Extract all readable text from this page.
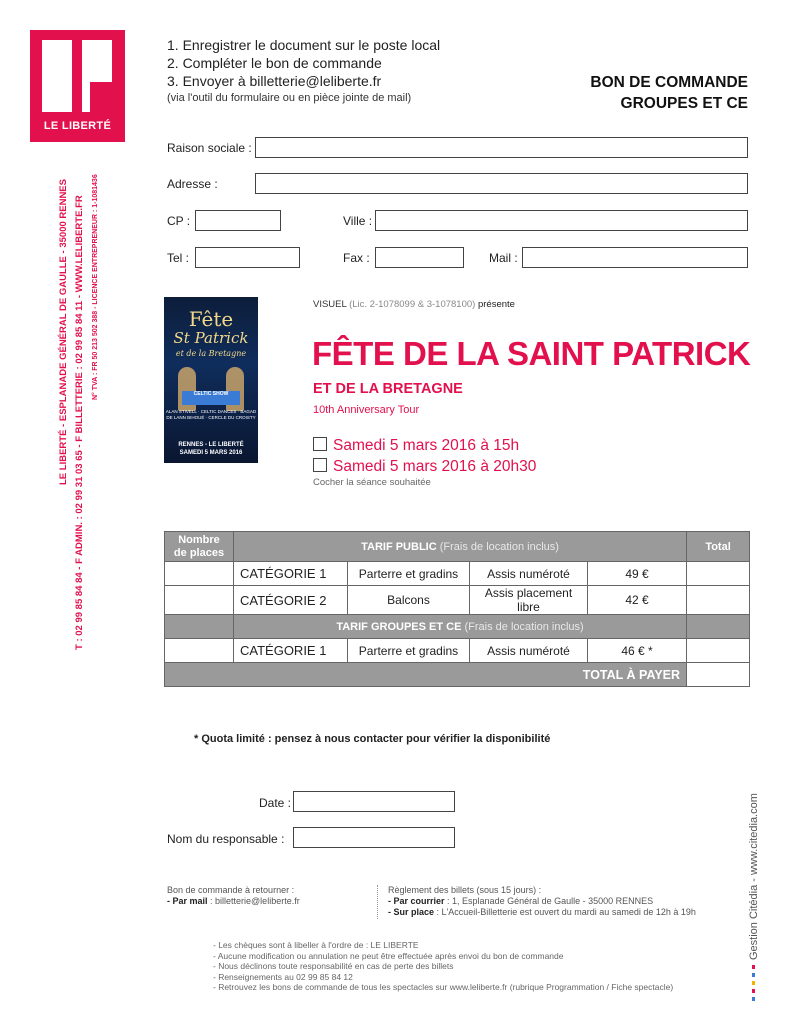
LE LIBERTÉ
LE LIBERTÉ - ESPLANADE GÉNÉRAL DE GAULLE - 35000 RENNES T : 02 99 85 84 84 - F ADMIN. : 02 99 31 03 65 - F BILLETTERIE : 02 99 85 84 11 - WWW.LELIBERTE.FR N° TVA : FR 50 213 502 388 - LICENCE ENTREPRENEUR : 1-1081436
1. Enregistrer le document sur le poste local
2. Compléter le bon de commande
3. Envoyer à billetterie@leliberte.fr
(via l'outil du formulaire ou en pièce jointe de mail)
BON DE COMMANDE
GROUPES ET CE
Raison sociale :
Adresse :
CP :	Ville :
Tel :	Fax :	Mail :
Fête
St Patrick
et de la Bretagne
CELTIC SHOW
ALAN STIVELL · CELTIC DANCES · BAGAD DE LANN BIHOUÉ · CERCLE DU CROISTY
RENNES - LE LIBERTÉ
SAMEDI 5 MARS 2016
VISUEL (Lic. 2-1078099 & 3-1078100) présente
FÊTE DE LA SAINT PATRICK
ET DE LA BRETAGNE
10th Anniversary Tour
Samedi 5 mars 2016 à 15h
Samedi 5 mars 2016 à 20h30
Cocher la séance souhaitée
Nombre de places	TARIF PUBLIC (Frais de location inclus)				Total
	CATÉGORIE 1	Parterre et gradins	Assis numéroté	49 €	
	CATÉGORIE 2	Balcons	Assis placement libre	42 €	
	TARIF GROUPES ET CE (Frais de location inclus)				
	CATÉGORIE 1	Parterre et gradins	Assis numéroté	46 € *	
TOTAL À PAYER					
* Quota limité : pensez à nous contacter pour vérifier la disponibilité
Date :
Nom du responsable :
Bon de commande à retourner :
- Par mail : billetterie@leliberte.fr
Règlement des billets (sous 15 jours) :
- Par courrier : 1, Esplanade Général de Gaulle - 35000 RENNES
- Sur place : L'Accueil-Billetterie est ouvert du mardi au samedi de 12h à 19h
- Les chèques sont à libeller à l'ordre de : LE LIBERTE
- Aucune modification ou annulation ne peut être effectuée après envoi du bon de commande
- Nous déclinons toute responsabilité en cas de perte des billets
- Renseignements au 02 99 85 84 12
- Retrouvez les bons de commande de tous les spectacles sur www.leliberte.fr (rubrique Programmation / Fiche spectacle)
Gestion Citédia - www.citedia.com
